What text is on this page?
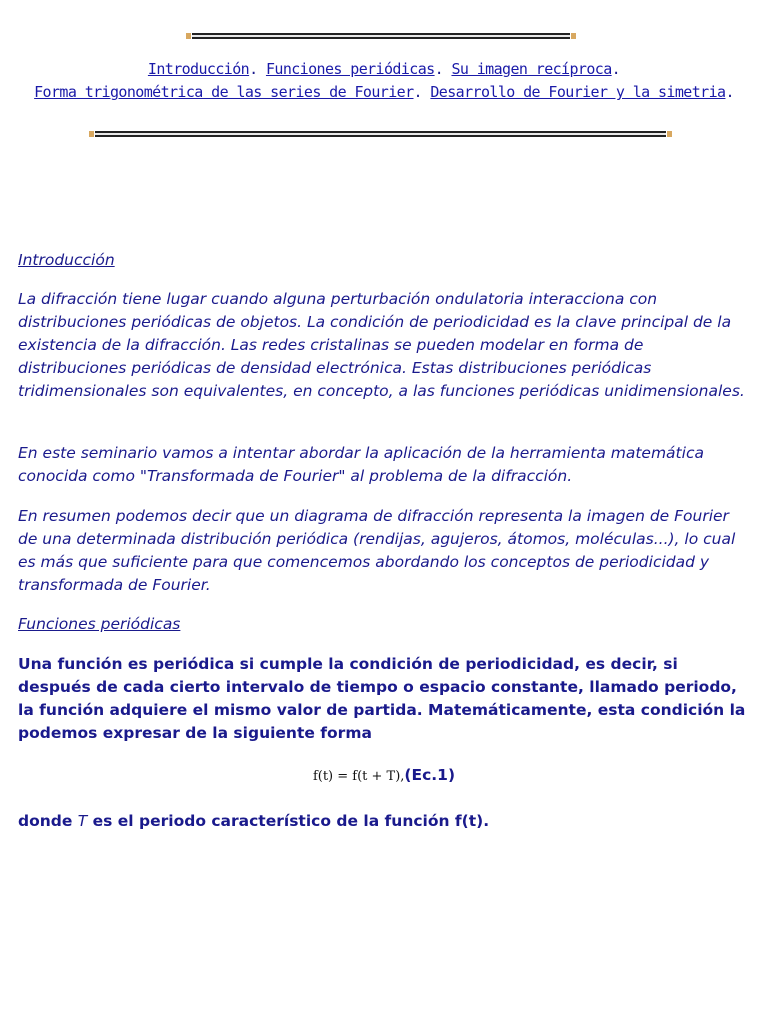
Introducción. Funciones periódicas. Su imagen recíproca.
Forma trigonométrica de las series de Fourier. Desarrollo de Fourier y la simetria.

Introducción

La difracción tiene lugar cuando alguna perturbación ondulatoria interacciona con distribuciones periódicas de objetos. La condición de periodicidad es la clave principal de la existencia de la difracción. Las redes cristalinas se pueden modelar en forma de distribuciones periódicas de densidad electrónica. Estas distribuciones periódicas tridimensionales son equivalentes, en concepto, a las funciones periódicas unidimensionales.

En este seminario vamos a intentar abordar la aplicación de la herramienta matemática conocida como "Transformada de Fourier" al problema de la difracción.

En resumen podemos decir que un diagrama de difracción representa la imagen de Fourier de una determinada distribución periódica (rendijas, agujeros, átomos, moléculas...), lo cual es más que suficiente para que comencemos abordando los conceptos de periodicidad y transformada de Fourier.

Funciones periódicas

Una función es periódica si cumple la condición de periodicidad, es decir, si después de cada cierto intervalo de tiempo o espacio constante, llamado periodo, la función adquiere el mismo valor de partida. Matemáticamente, esta condición la podemos expresar de la siguiente forma

f(t) = f(t + T),(Ec.1)

donde T es el periodo característico de la función f(t).
